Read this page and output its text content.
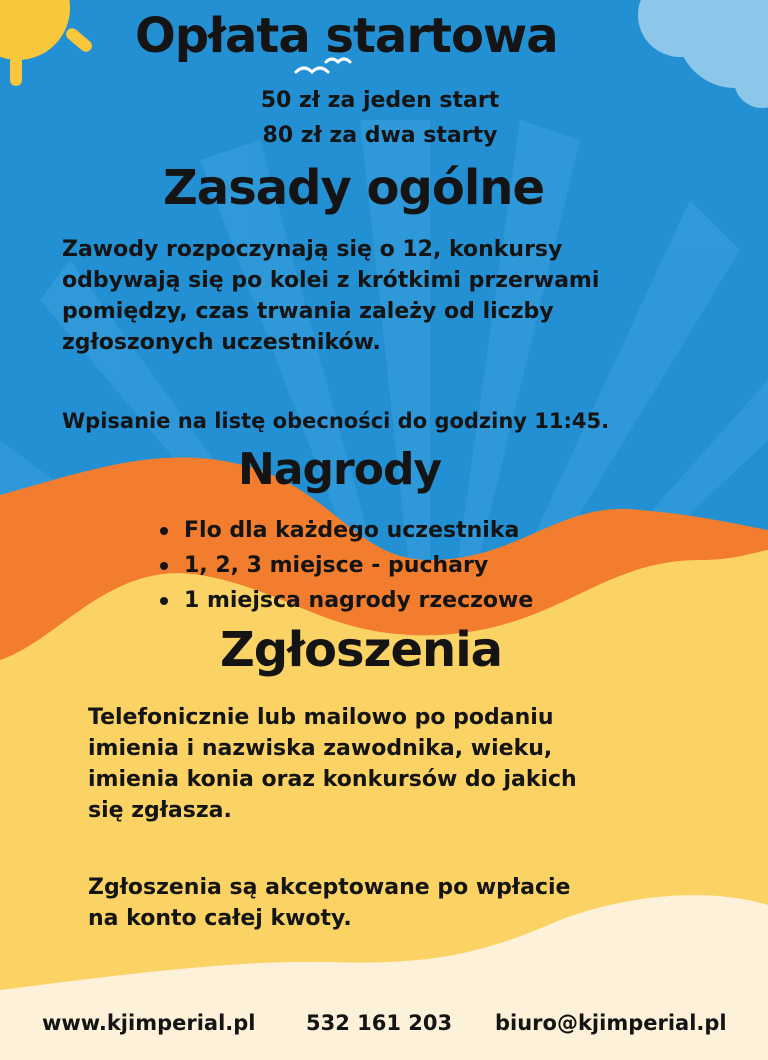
Opłata startowa
50 zł za jeden start
80 zł za dwa starty
Zasady ogólne
Zawody rozpoczynają się o 12, konkursy
odbywają się po kolei z krótkimi przerwami
pomiędzy, czas trwania zależy od liczby
zgłoszonych uczestników.
Wpisanie na listę obecności do godziny 11:45.
Nagrody
Flo dla każdego uczestnika
1, 2, 3 miejsce - puchary
1 miejsca nagrody rzeczowe
Zgłoszenia
Telefonicznie lub mailowo po podaniu
imienia i nazwiska zawodnika, wieku,
imienia konia oraz konkursów do jakich
się zgłasza.
Zgłoszenia są akceptowane po wpłacie
na konto całej kwoty.
www.kjimperial.pl 532 161 203 biuro@kjimperial.pl
